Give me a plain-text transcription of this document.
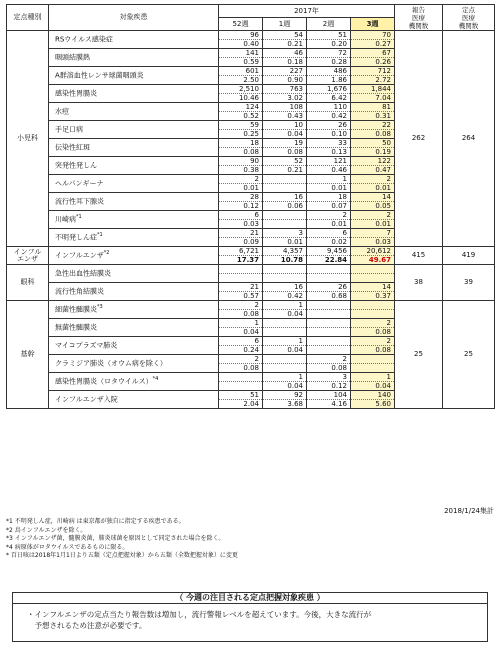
定点種別	対象疾患	2017年				報告
医療
機関数	定点
医療
機関数
		52週	1週	2週	3週		
小児科	RSウイルス感染症	96	54	51	70	262	264
		0.40	0.21	0.20	0.27		
	咽頭結膜熱	141	46	72	67		
		0.59	0.18	0.28	0.26		
	A群溶血性レンサ球菌咽頭炎	601	227	486	712		
		2.50	0.90	1.86	2.72		
	感染性胃腸炎	2,510	763	1,676	1,844		
		10.46	3.02	6.42	7.04		
	水痘	124	108	110	81		
		0.52	0.43	0.42	0.31		
	手足口病	59	10	26	22		
		0.25	0.04	0.10	0.08		
	伝染性紅斑	18	19	33	50		
		0.08	0.08	0.13	0.19		
	突発性発しん	90	52	121	122		
		0.38	0.21	0.46	0.47		
	ヘルパンギーナ	2		1	2		
		0.01		0.01	0.01		
	流行性耳下腺炎	28	16	18	14		
		0.12	0.06	0.07	0.05		
	川崎病$^{*1}$	6		2	2		
		0.03		0.01	0.01		
	不明発しん症$^{*1}$	21	3	6	7		
		0.09	0.01	0.02	0.03		
インフル
エンザ	インフルエンザ$^{*2}$	6,721	4,357	9,456	20,612	415	419
		17.37	10.78	22.84	49.67		
眼科	急性出血性結膜炎					38	39

	流行性角結膜炎	21	16	26	14		
		0.57	0.42	0.68	0.37		
基幹	細菌性髄膜炎$^{*3}$	2	1			25	25
		0.08	0.04				
	無菌性髄膜炎	1			2		
		0.04			0.08		
	マイコプラズマ肺炎	6	1		2		
		0.24	0.04		0.08		
	クラミジア肺炎（オウム病を除く）	2		2			
		0.08		0.08			
	感染性胃腸炎（ロタウイルス）$^{*4}$		1	3	1		
			0.04	0.12	0.04		
	インフルエンザ入院	51	92	104	140		
		2.04	3.68	4.16	5.60		
2018/1/24集計
*1 不明発しん症，川崎病 は東京都が独自に指定する疾患である。
*2 鳥インフルエンザを除く。
*3 インフルエンザ菌，髄膜炎菌，肺炎球菌を原因として同定された場合を除く。
*4 病原体がロタウイルスであるものに限る。
* 百日咳は2018年1月1日より五類（定点把握対象）から五類（全数把握対象）に変更
（ 今週の注目される定点把握対象疾患 ）
・インフルエンザの定点当たり報告数は増加し，流行警報レベルを超えています。今後，大きな流行が
　予想されるため注意が必要です。
